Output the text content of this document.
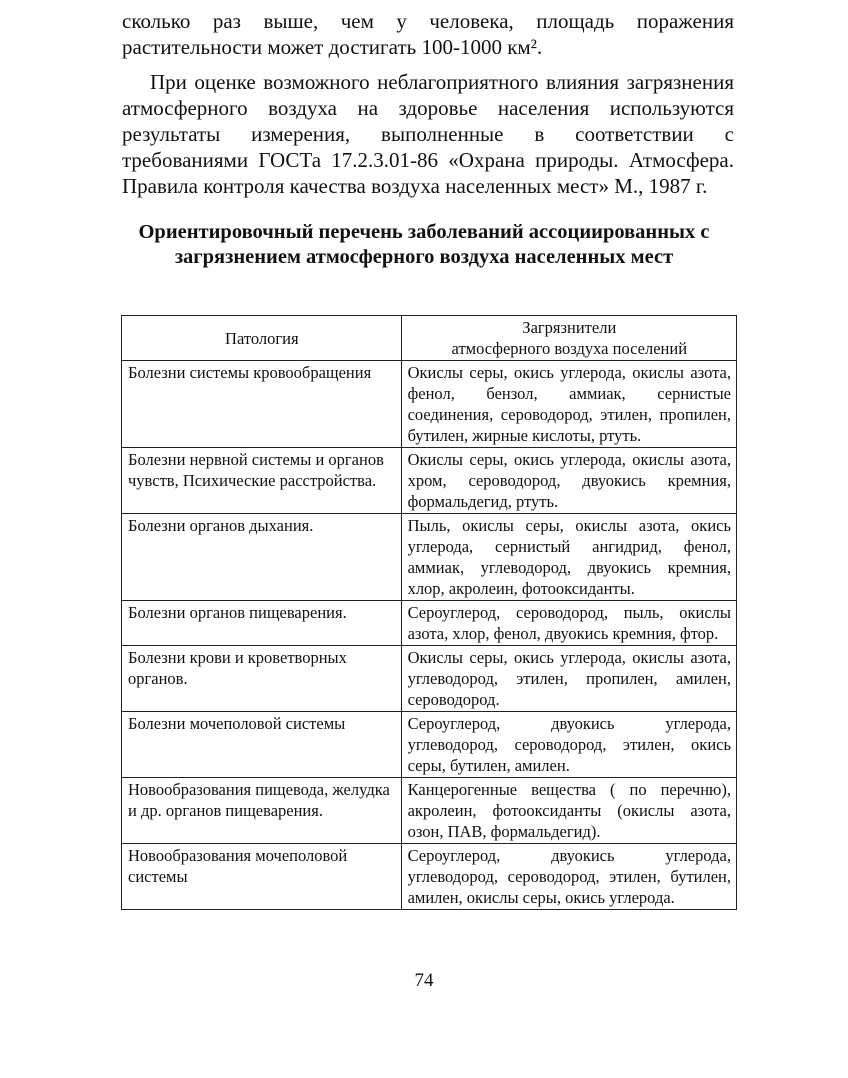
сколько раз выше, чем у человека, площадь поражения растительности может достигать 100-1000 км².

При оценке возможного неблагоприятного влияния загрязнения атмосферного воздуха на здоровье населения используются результаты измерения, выполненные в соответствии с требованиями ГОСТа 17.2.3.01-86 «Охрана природы. Атмосфера. Правила контроля качества воздуха населенных мест» М., 1987 г.

Ориентировочный перечень заболеваний ассоциированных с загрязнением атмосферного воздуха населенных мест
Патология	Загрязнители
атмосферного воздуха поселений

Болезни системы кровообращения	Окислы серы, окись углерода, окислы азота, фенол, бензол, аммиак, сернистые соединения, сероводород, этилен, пропилен, бутилен, жирные кислоты, ртуть.
Болезни нервной системы и органов чувств, Психические расстройства.	Окислы серы, окись углерода, окислы азота, хром, сероводород, двуокись кремния, формальдегид, ртуть.
Болезни органов дыхания.	Пыль, окислы серы, окислы азота, окись углерода, сернистый ангидрид, фенол, аммиак, углеводород, двуокись кремния, хлор, акролеин, фотооксиданты.
Болезни органов пищеварения.	Сероуглерод, сероводород, пыль, окислы азота, хлор, фенол, двуокись кремния, фтор.
Болезни крови и кроветворных органов.	Окислы серы, окись углерода, окислы азота, углеводород, этилен, пропилен, амилен, сероводород.
Болезни мочеполовой системы	Сероуглерод, двуокись углерода, углеводород, сероводород, этилен, окись серы, бутилен, амилен.
Новообразования пищевода, желудка и др. органов пищеварения.	Канцерогенные вещества ( по перечню), акролеин, фотооксиданты (окислы азота, озон, ПАВ, формальдегид).
Новообразования мочеполовой системы	Сероуглерод, двуокись углерода, углеводород, сероводород, этилен, бутилен, амилен, окислы серы, окись углерода.
74
